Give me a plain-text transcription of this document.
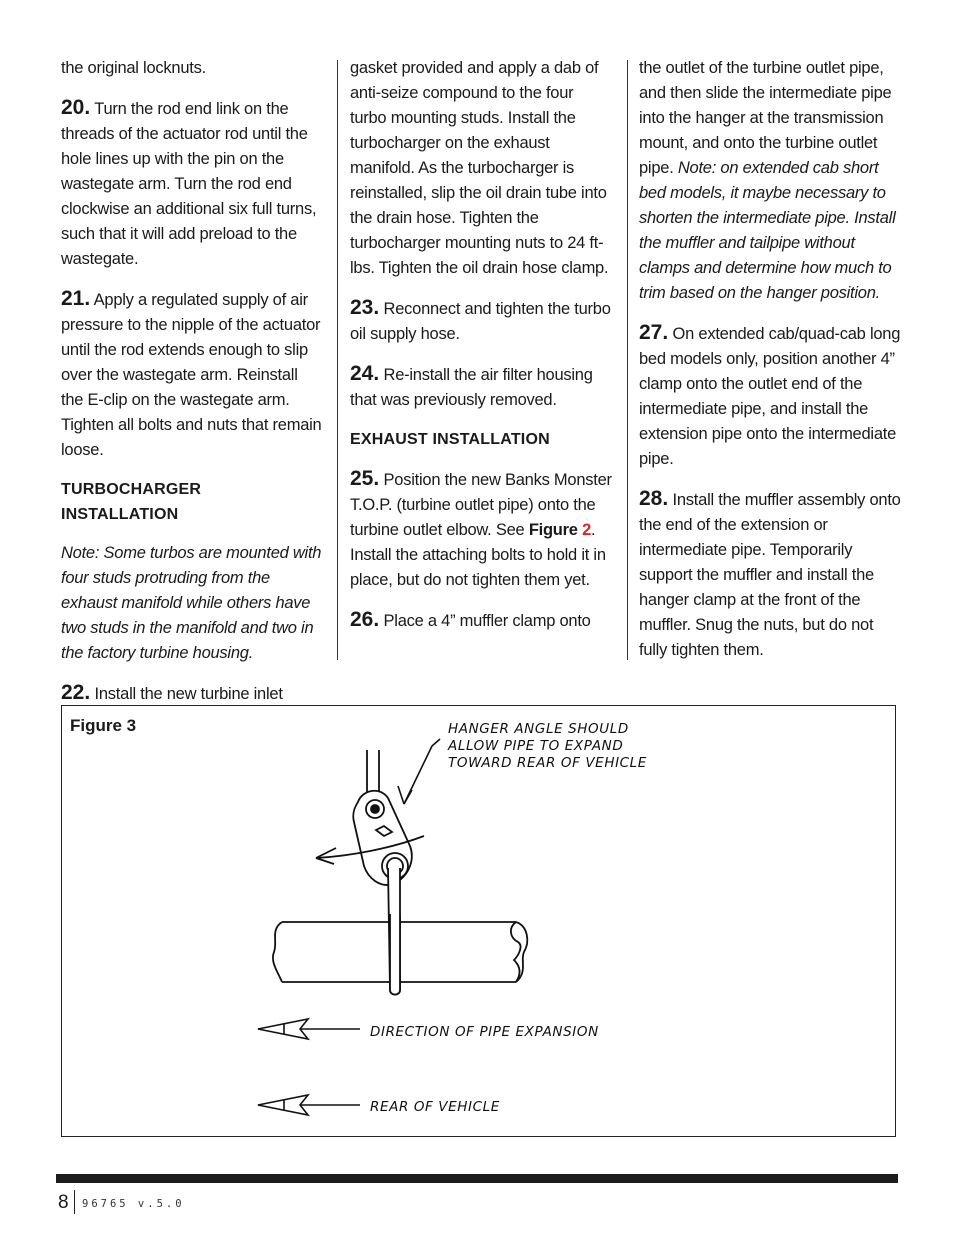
the original locknuts.

20. Turn the rod end link on the threads of the actuator rod until the hole lines up with the pin on the wastegate arm. Turn the rod end clockwise an additional six full turns, such that it will add preload to the wastegate.

21. Apply a regulated supply of air pressure to the nipple of the actuator until the rod extends enough to slip over the wastegate arm. Reinstall the E-clip on the wastegate arm. Tighten all bolts and nuts that remain loose.

TURBOCHARGER INSTALLATION

Note: Some turbos are mounted with four studs protruding from the exhaust manifold while others have two studs in the manifold and two in the factory turbine housing.

22. Install the new turbine inlet

gasket provided and apply a dab of anti-seize compound to the four turbo mounting studs. Install the turbocharger on the exhaust manifold. As the turbocharger is reinstalled, slip the oil drain tube into the drain hose. Tighten the turbocharger mounting nuts to 24 ft-lbs. Tighten the oil drain hose clamp.

23. Reconnect and tighten the turbo oil supply hose.

24. Re-install the air filter housing that was previously removed.

EXHAUST INSTALLATION

25. Position the new Banks Monster T.O.P. (turbine outlet pipe) onto the turbine outlet elbow. See Figure 2. Install the attaching bolts to hold it in place, but do not tighten them yet.

26. Place a 4” muffler clamp onto

the outlet of the turbine outlet pipe, and then slide the intermediate pipe into the hanger at the transmission mount, and onto the turbine outlet pipe. Note: on extended cab short bed models, it maybe necessary to shorten the intermediate pipe. Install the muffler and tailpipe without clamps and determine how much to trim based on the hanger position.

27. On extended cab/quad-cab long bed models only, position another 4” clamp onto the outlet end of the intermediate pipe, and install the extension pipe onto the intermediate pipe.

28. Install the muffler assembly onto the end of the extension or intermediate pipe. Temporarily support the muffler and install the hanger clamp at the front of the muffler. Snug the nuts, but do not fully tighten them.

Figure 3	HANGER ANGLE SHOULD
ALLOW PIPE TO EXPAND
TOWARD REAR OF VEHICLE
DIRECTION OF PIPE EXPANSION
REAR OF VEHICLE
8 96765 v.5.0
